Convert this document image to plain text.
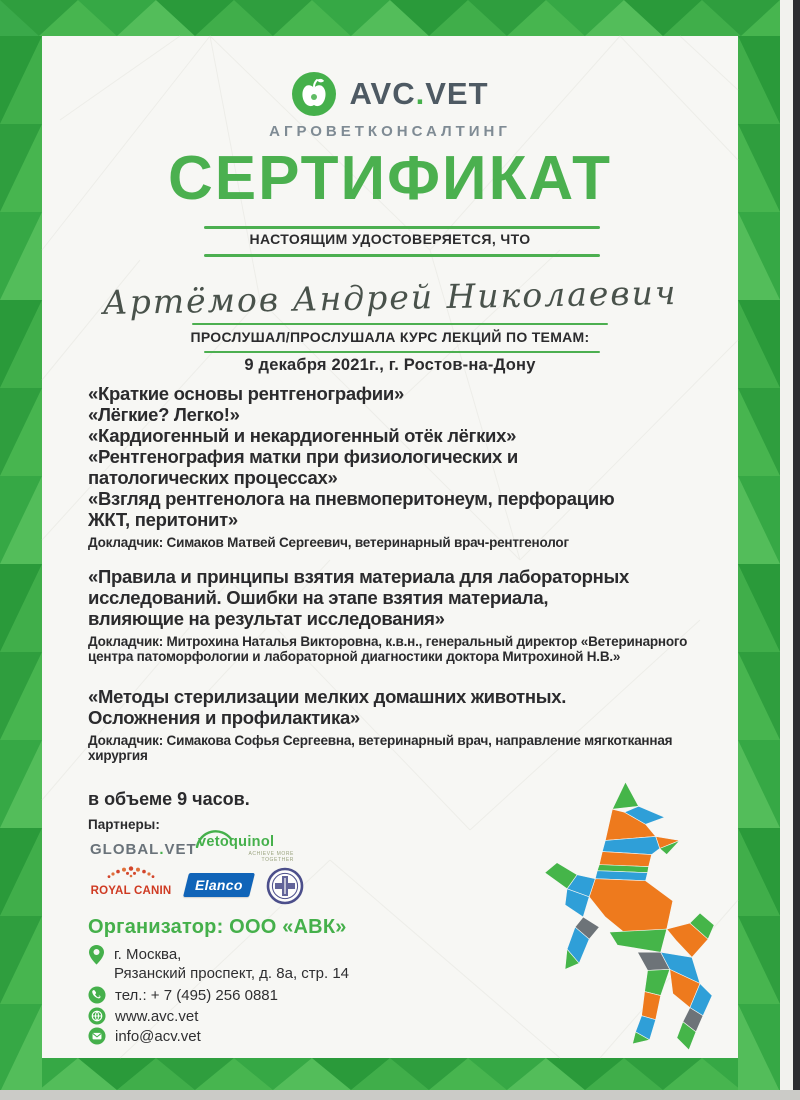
AVC.VET
АГРОВЕТКОНСАЛТИНГ
СЕРТИФИКАТ
НАСТОЯЩИМ УДОСТОВЕРЯЕТСЯ, ЧТО
Артёмов Андрей Николаевич
ПРОСЛУШАЛ/ПРОСЛУШАЛА КУРС ЛЕКЦИЙ ПО ТЕМАМ:
9 декабря 2021г., г. Ростов-на-Дону
«Краткие основы рентгенографии»
«Лёгкие? Легко!»
«Кардиогенный и некардиогенный отёк лёгких»
«Рентгенография матки при физиологических и
патологических процессах»
«Взгляд рентгенолога на пневмоперитонеум, перфорацию
ЖКТ, перитонит»
Докладчик: Симаков Матвей Сергеевич, ветеринарный врач-рентгенолог
«Правила и принципы взятия материала для лабораторных
исследований. Ошибки на этапе взятия материала,
влияющие на результат исследования»
Докладчик: Митрохина Наталья Викторовна, к.в.н., генеральный директор «Ветеринарного
центра патоморфологии и лабораторной диагностики доктора Митрохиной Н.В.»
«Методы стерилизации мелких домашних животных.
Осложнения и профилактика»
Докладчик: Симакова Софья Сергеевна, ветеринарный врач, направление мягкотканная
хирургия
в объеме 9 часов.
Партнеры:
GLOBAL.VET vetoquinol
ACHIEVE MORE TOGETHER
ROYAL CANIN Elanco
Организатор: ООО «АВК»
г. Москва,
Рязанский проспект, д. 8а, стр. 14
тел.: + 7 (495) 256 0881
www.avc.vet
info@acv.vet
